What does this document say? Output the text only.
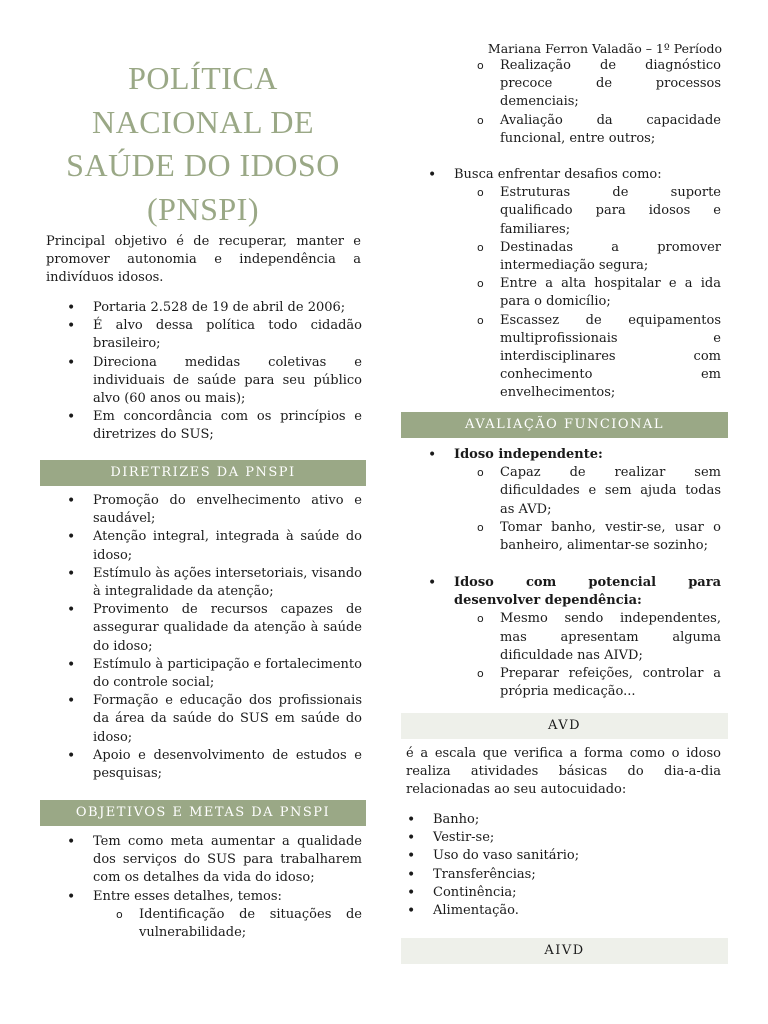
Mariana Ferron Valadão – 1º Período
POLÍTICA NACIONAL DE SAÚDE DO IDOSO (PNSPI)
Principal objetivo é de recuperar, manter e promover autonomia e independência a indivíduos idosos.
• Portaria 2.528 de 19 de abril de 2006;
• É alvo dessa política todo cidadão brasileiro;
• Direciona medidas coletivas e individuais de saúde para seu público alvo (60 anos ou mais);
• Em concordância com os princípios e diretrizes do SUS;
DIRETRIZES DA PNSPI
• Promoção do envelhecimento ativo e saudável;
• Atenção integral, integrada à saúde do idoso;
• Estímulo às ações intersetoriais, visando à integralidade da atenção;
• Provimento de recursos capazes de assegurar qualidade da atenção à saúde do idoso;
• Estímulo à participação e fortalecimento do controle social;
• Formação e educação dos profissionais da área da saúde do SUS em saúde do idoso;
• Apoio e desenvolvimento de estudos e pesquisas;
OBJETIVOS E METAS DA PNSPI
• Tem como meta aumentar a qualidade dos serviços do SUS para trabalharem com os detalhes da vida do idoso;
• Entre esses detalhes, temos:
o Identificação de situações de vulnerabilidade;
o Realização de diagnóstico precoce de processos demenciais;
o Avaliação da capacidade funcional, entre outros;
• Busca enfrentar desafios como:
o Estruturas de suporte qualificado para idosos e familiares;
o Destinadas a promover intermediação segura;
o Entre a alta hospitalar e a ida para o domicílio;
o Escassez de equipamentos multiprofissionais e interdisciplinares com conhecimento em envelhecimentos;
AVALIAÇÃO FUNCIONAL
• Idoso independente:
o Capaz de realizar sem dificuldades e sem ajuda todas as AVD;
o Tomar banho, vestir-se, usar o banheiro, alimentar-se sozinho;
• Idoso com potencial para desenvolver dependência:
o Mesmo sendo independentes, mas apresentam alguma dificuldade nas AIVD;
o Preparar refeições, controlar a própria medicação...
AVD
é a escala que verifica a forma como o idoso realiza atividades básicas do dia-a-dia relacionadas ao seu autocuidado:
• Banho;
• Vestir-se;
• Uso do vaso sanitário;
• Transferências;
• Continência;
• Alimentação.
AIVD
